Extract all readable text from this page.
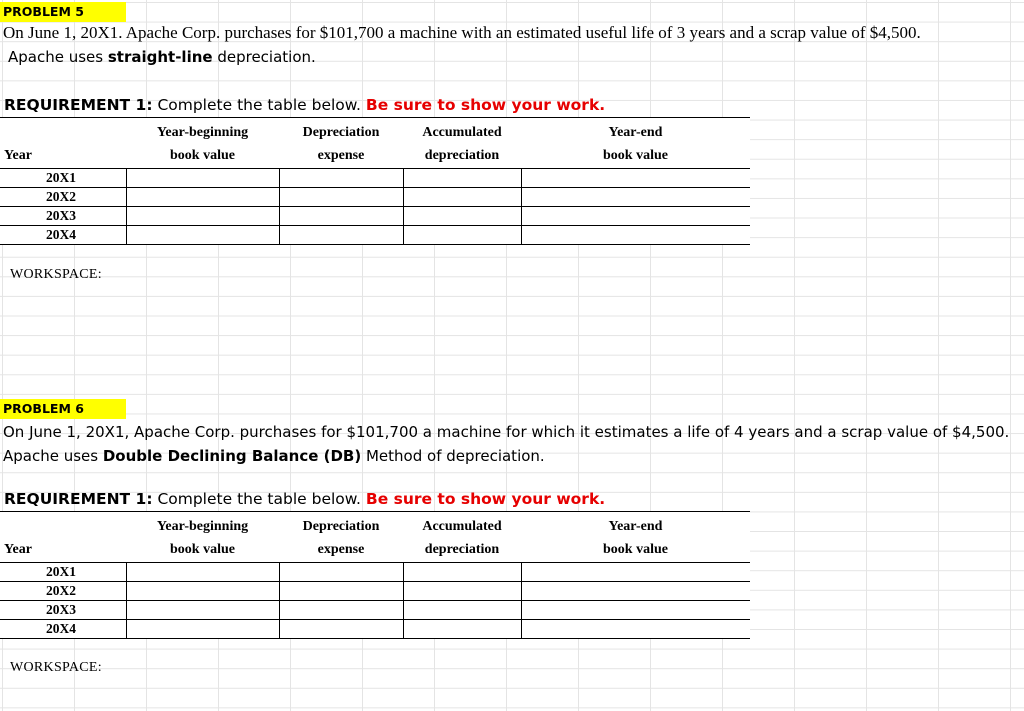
PROBLEM 5
On June 1, 20X1. Apache Corp. purchases for $101,700 a machine with an estimated useful life of 3 years and a scrap value of $4,500.
Apache uses straight-line depreciation.
REQUIREMENT 1: Complete the table below. Be sure to show your work.
	Year-beginning	Depreciation	Accumulated	Year-end
Year	book value	expense	depreciation	book value
20X1				
20X2				
20X3				
20X4				
WORKSPACE:
PROBLEM 6
On June 1, 20X1, Apache Corp. purchases for $101,700 a machine for which it estimates a life of 4 years and a scrap value of $4,500.
Apache uses Double Declining Balance (DB) Method of depreciation.
REQUIREMENT 1: Complete the table below. Be sure to show your work.
	Year-beginning	Depreciation	Accumulated	Year-end
Year	book value	expense	depreciation	book value
20X1				
20X2				
20X3				
20X4				
WORKSPACE:
